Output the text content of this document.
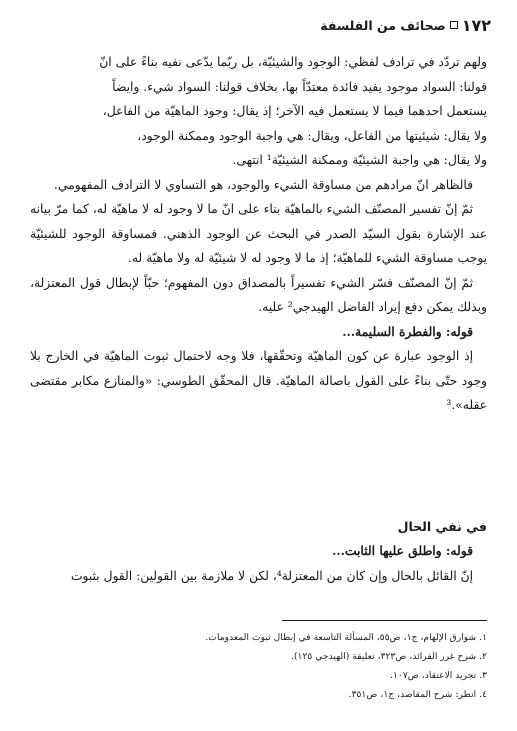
١٧٢
صحائف من الفلسفة

ولهم تردّد في ترادف لفظي: الوجود والشيئيّة، بل ربّما يدّعى نفيه بناءً على انّ

قولنا: السواد موجود يفيد فائدة معتدّاً بها، بخلاف قولنا: السواد شيء. وايضاً

يستعمل احدهما فيما لا يستعمل فيه الآخر؛ إذ يقال: وجود الماهيّة من الفاعل،

ولا يقال: شيئيتها من الفاعل، ويقال: هي واجبة الوجود وممكنة الوجود،

ولا يقال: هي واجبة الشيئيّة وممكنة الشيئيّة¹ انتهى.

فالظاهر انّ مرادهم من مساوقة الشيء والوجود، هو التساوي لا الترادف المفهومي.

ثمّ إنّ تفسير المصنّف الشيء بالماهيّة بناء على انّ ما لا وجود له لا ماهيّة له، كما مرّ بيانه عند الإشارة بقول السيّد الصدر في البحث عن الوجود الذهني. فمساوقة الوجود للشيئيّة يوجب مساوقة الشيء للماهيّة؛ إذ ما لا وجود له لا شيئيّة له ولا ماهيّة له.

ثمّ إنّ المصنّف فسّر الشيء تفسيراً بالمصداق دون المفهوم؛ حبّاً لإبطال قول المعتزلة، وبذلك يمكن دفع إيراد الفاضل الهيدجي² عليه.

قوله: والفطرة السليمة...

إذ الوجود عبارة عن كون الماهيّة وتحقّقها، فلا وجه لاحتمال ثبوت الماهيّة في الخارج بلا وجود حتّى بناءً على القول باصالة الماهيّة. قال المحقّق الطوسي: «والمنازع مكابر مقتضى عقله».³

في نفي الحال

قوله: واطلق عليها الثابت...

إنّ القائل بالحال وإن كان من المعتزلة⁴، لكن لا ملازمة بين القولين: القول بثبوت

١. شوارق الإلهام، ج١، ص٥٥، المسألة التاسعة في إبطال ثبوت المعدومات.

٢. شرح غرر الفرائد، ص٣٢٣، تعليقة (الهيدجي ١٢٥).

٣. تجريد الاعتقاد، ص١٠٧.

٤. انظر: شرح المقاصد، ج١، ص٣٥١.
